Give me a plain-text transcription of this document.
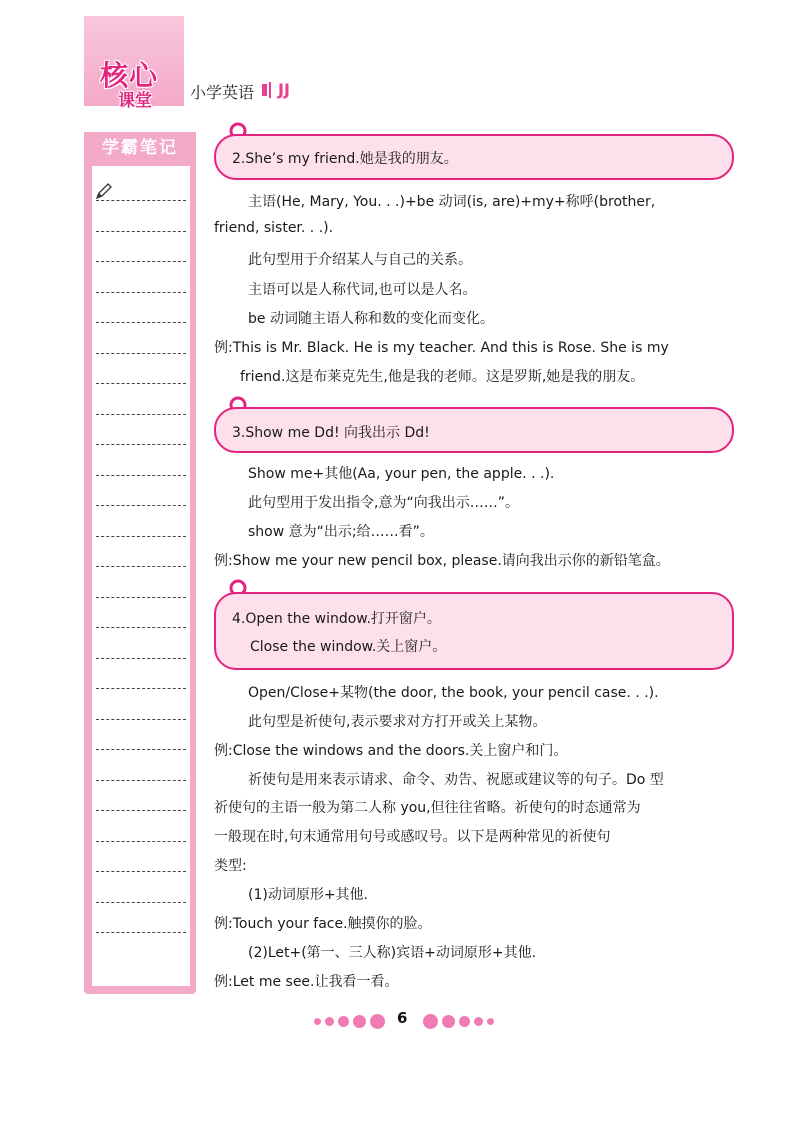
核心
课堂 小学英语 JJ
学霸笔记
2.She’s my friend.她是我的朋友。
主语(He, Mary, You. . .)+be 动词(is, are)+my+称呼(brother,
friend, sister. . .).
此句型用于介绍某人与自己的关系。
主语可以是人称代词,也可以是人名。
be 动词随主语人称和数的变化而变化。
例:This is Mr. Black. He is my teacher. And this is Rose. She is my
friend.这是布莱克先生,他是我的老师。这是罗斯,她是我的朋友。
3.Show me Dd! 向我出示 Dd!
Show me+其他(Aa, your pen, the apple. . .).
此句型用于发出指令,意为“向我出示……”。
show 意为“出示;给……看”。
例:Show me your new pencil box, please.请向我出示你的新铅笔盒。
4.Open the window.打开窗户。
Close the window.关上窗户。
Open/Close+某物(the door, the book, your pencil case. . .).
此句型是祈使句,表示要求对方打开或关上某物。
例:Close the windows and the doors.关上窗户和门。
祈使句是用来表示请求、命令、劝告、祝愿或建议等的句子。Do 型
祈使句的主语一般为第二人称 you,但往往省略。祈使句的时态通常为
一般现在时,句末通常用句号或感叹号。以下是两种常见的祈使句
类型:
(1)动词原形+其他.
例:Touch your face.触摸你的脸。
(2)Let+(第一、三人称)宾语+动词原形+其他.
例:Let me see.让我看一看。
6
